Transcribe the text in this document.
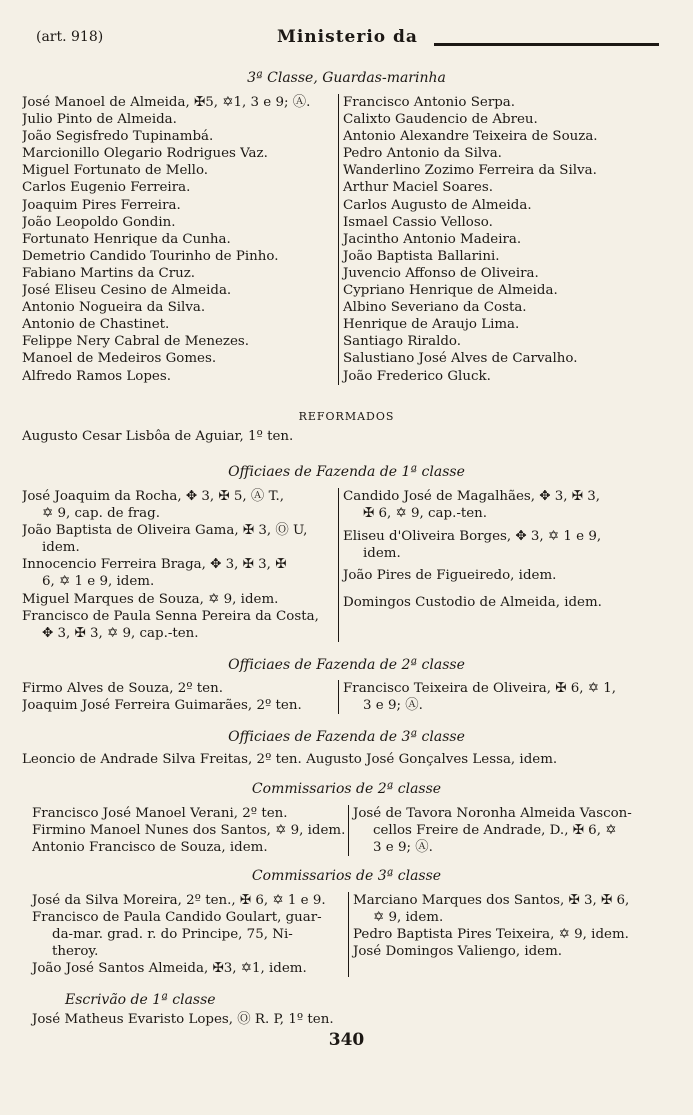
(art. 918)	Ministerio da
3ª Classe, Guardas-marinha
José Manoel de Almeida, ✠5, ✡1, 3 e 9; Ⓐ.
Julio Pinto de Almeida.
João Segisfredo Tupinambá.
Marcionillo Olegario Rodrigues Vaz.
Miguel Fortunato de Mello.
Carlos Eugenio Ferreira.
Joaquim Pires Ferreira.
João Leopoldo Gondin.
Fortunato Henrique da Cunha.
Demetrio Candido Tourinho de Pinho.
Fabiano Martins da Cruz.
José Eliseu Cesino de Almeida.
Antonio Nogueira da Silva.
Antonio de Chastinet.
Felippe Nery Cabral de Menezes.
Manoel de Medeiros Gomes.
Alfredo Ramos Lopes.
Francisco Antonio Serpa.
Calixto Gaudencio de Abreu.
Antonio Alexandre Teixeira de Souza.
Pedro Antonio da Silva.
Wanderlino Zozimo Ferreira da Silva.
Arthur Maciel Soares.
Carlos Augusto de Almeida.
Ismael Cassio Velloso.
Jacintho Antonio Madeira.
João Baptista Ballarini.
Juvencio Affonso de Oliveira.
Cypriano Henrique de Almeida.
Albino Severiano da Costa.
Henrique de Araujo Lima.
Santiago Riraldo.
Salustiano José Alves de Carvalho.
João Frederico Gluck.
REFORMADOS
Augusto Cesar Lisbôa de Aguiar, 1º ten.
Officiaes de Fazenda de 1ª classe
José Joaquim da Rocha, ✥ 3, ✠ 5, Ⓐ T.,
✡ 9, cap. de frag.
João Baptista de Oliveira Gama, ✠ 3, Ⓞ U,
idem.
Innocencio Ferreira Braga, ✥ 3, ✠ 3, ✠
6, ✡ 1 e 9, idem.
Miguel Marques de Souza, ✡ 9, idem.
Francisco de Paula Senna Pereira da Costa,
✥ 3, ✠ 3, ✡ 9, cap.-ten.
Candido José de Magalhães, ✥ 3, ✠ 3,
✠ 6, ✡ 9, cap.-ten.
Eliseu d'Oliveira Borges, ✥ 3, ✡ 1 e 9,
idem.
João Pires de Figueiredo, idem.
Domingos Custodio de Almeida, idem.
Officiaes de Fazenda de 2ª classe
Firmo Alves de Souza, 2º ten.
Joaquim José Ferreira Guimarães, 2º ten.
Francisco Teixeira de Oliveira, ✠ 6, ✡ 1,
3 e 9; Ⓐ.
Officiaes de Fazenda de 3ª classe
Leoncio de Andrade Silva Freitas, 2º ten. Augusto José Gonçalves Lessa, idem.
Commissarios de 2ª classe
Francisco José Manoel Verani, 2º ten.
Firmino Manoel Nunes dos Santos, ✡ 9, idem.
Antonio Francisco de Souza, idem.
José de Tavora Noronha Almeida Vascon-
cellos Freire de Andrade, D., ✠ 6, ✡
3 e 9; Ⓐ.
Commissarios de 3ª classe
José da Silva Moreira, 2º ten., ✠ 6, ✡ 1 e 9.
Francisco de Paula Candido Goulart, guar-
da-mar. grad. r. do Principe, 75, Ni-
theroy.
João José Santos Almeida, ✠3, ✡1, idem.
Marciano Marques dos Santos, ✠ 3, ✠ 6,
✡ 9, idem.
Pedro Baptista Pires Teixeira, ✡ 9, idem.
José Domingos Valiengo, idem.
Escrivão de 1ª classe
José Matheus Evaristo Lopes, Ⓞ R. P, 1º ten.
340
